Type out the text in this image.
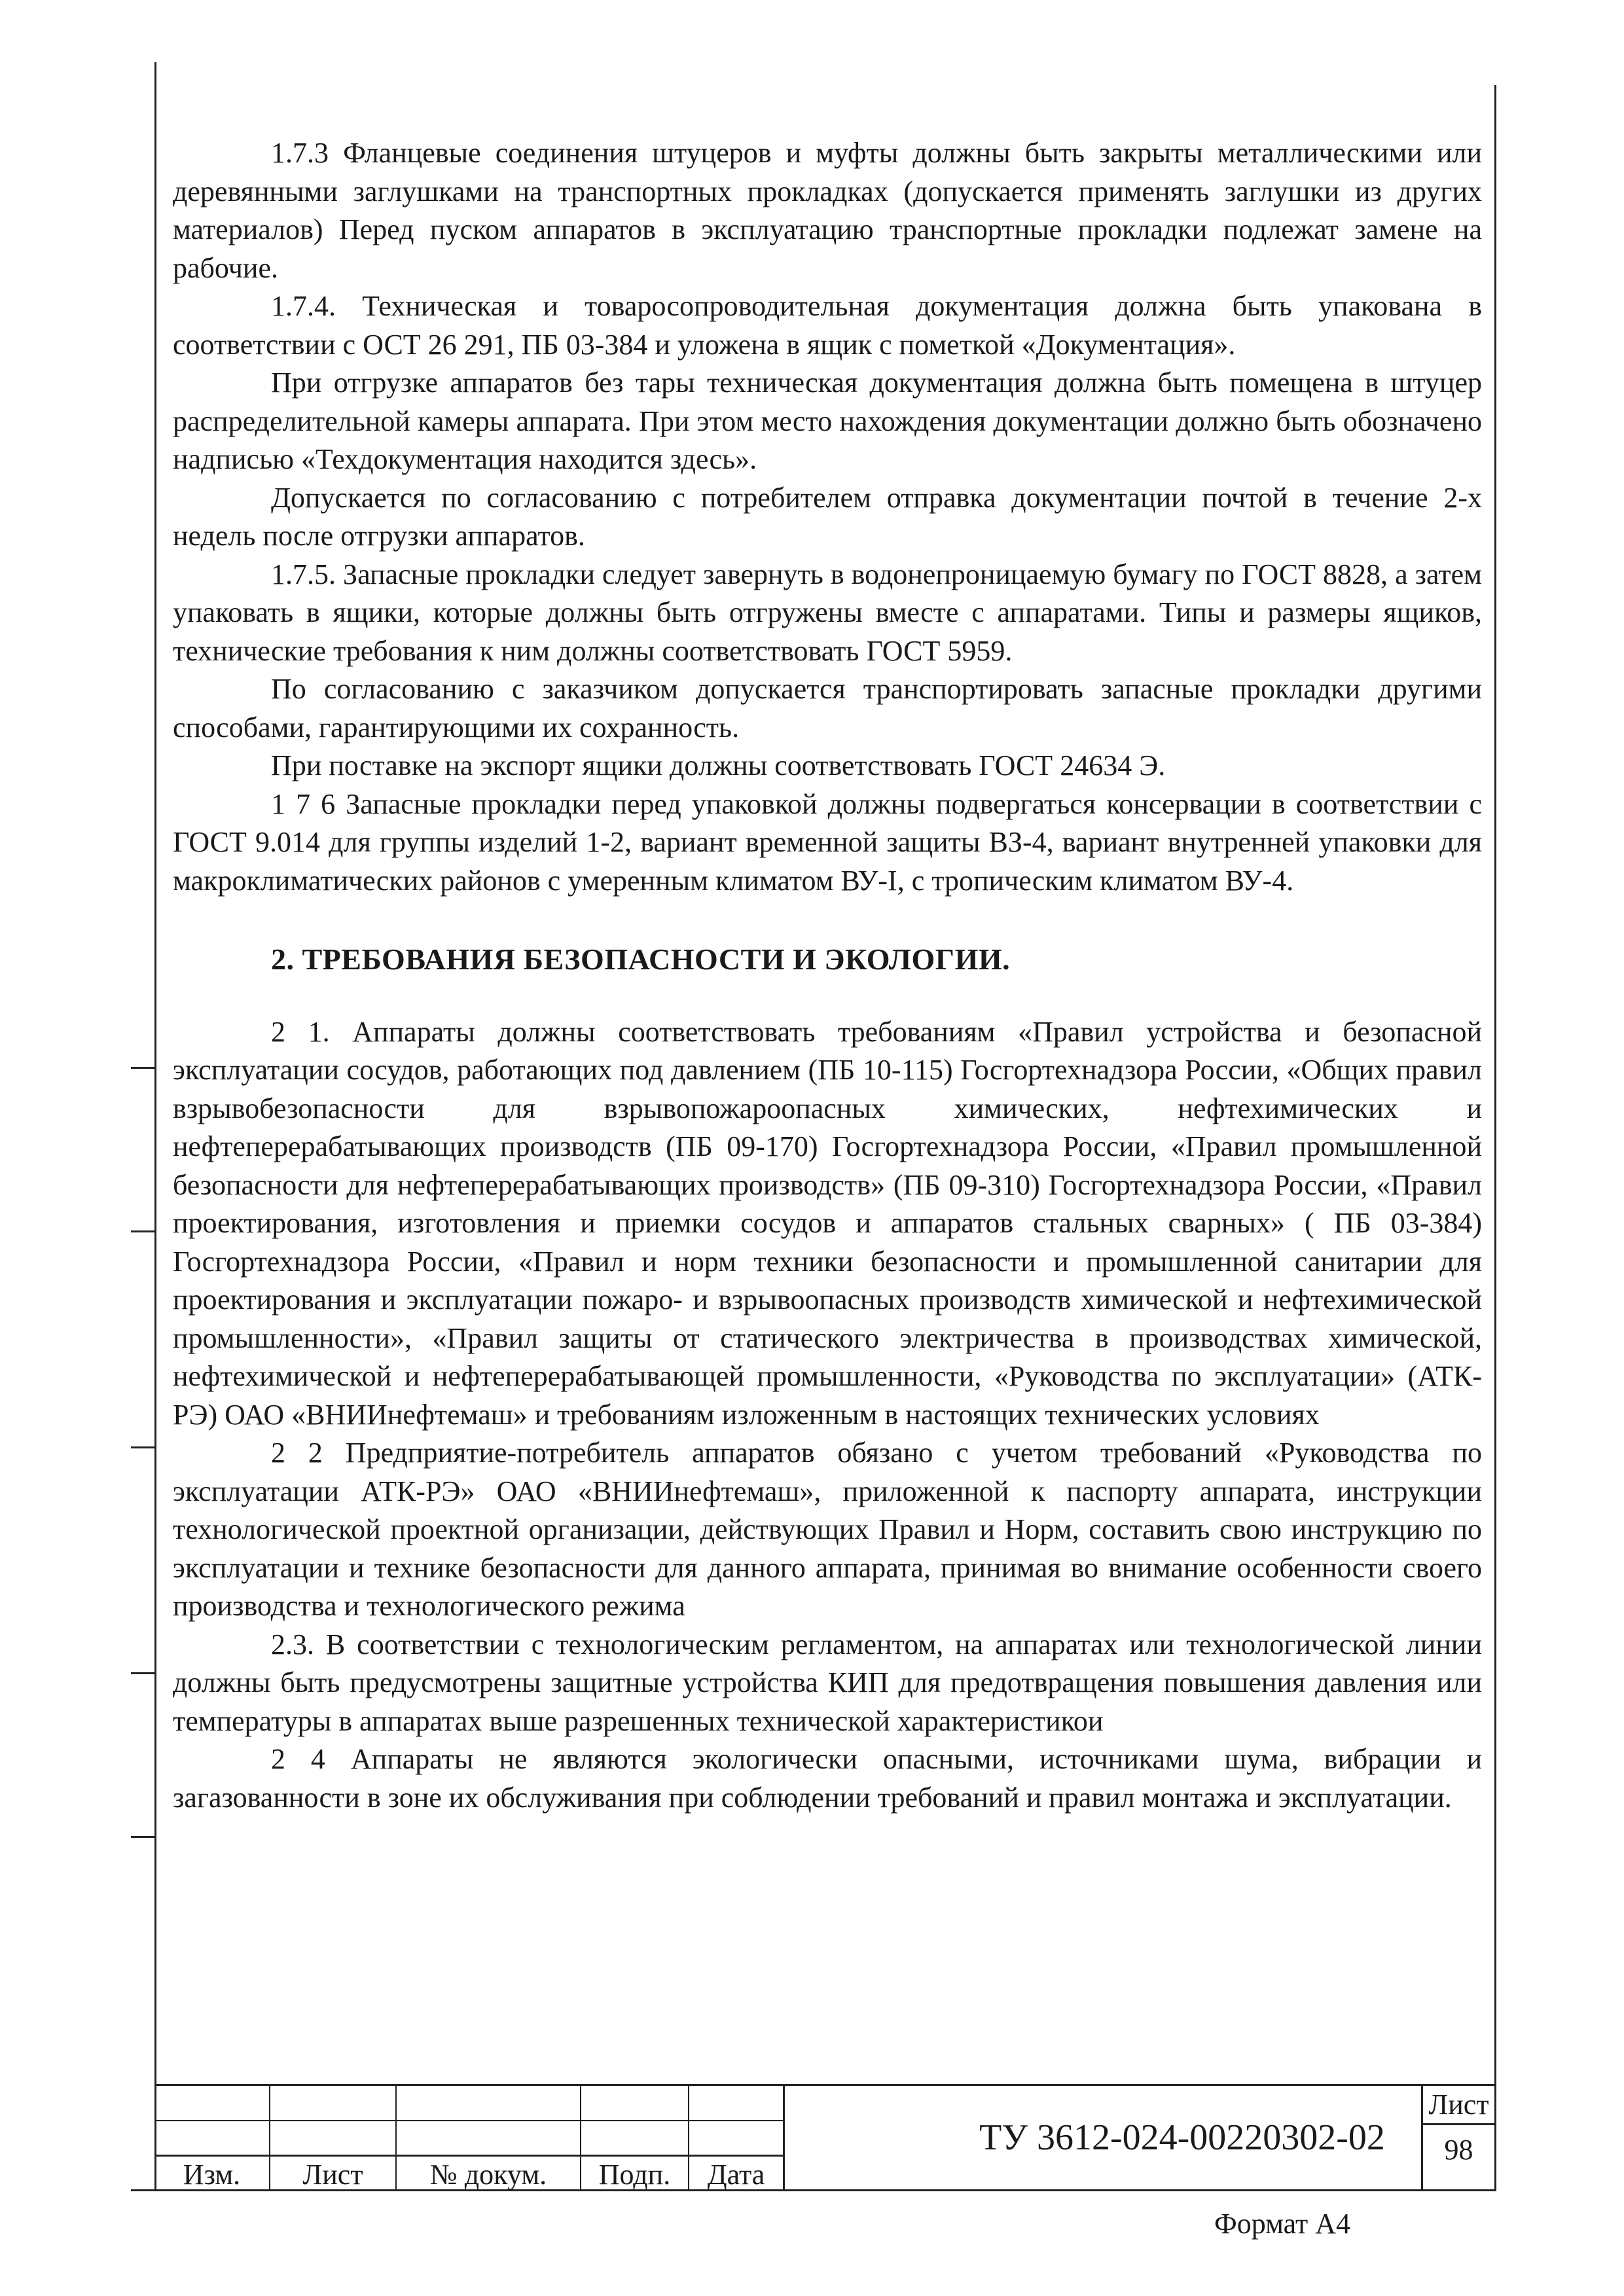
1.7.3 Фланцевые соединения штуцеров и муфты должны быть закрыты металлическими или деревянными заглушками на транспортных прокладках (допускается применять заглушки из других материалов) Перед пуском аппаратов в эксплуатацию транспортные прокладки подлежат замене на рабочие.

1.7.4. Техническая и товаросопроводительная документация должна быть упакована в соответствии с ОСТ 26 291, ПБ 03-384 и уложена в ящик с пометкой «Документация».

При отгрузке аппаратов без тары техническая документация должна быть помещена в штуцер распределительной камеры аппарата. При этом место нахождения документации должно быть обозначено надписью «Техдокументация находится здесь».

Допускается по согласованию с потребителем отправка документации почтой в течение 2-х недель после отгрузки аппаратов.

1.7.5. Запасные прокладки следует завернуть в водонепроницаемую бумагу по ГОСТ 8828, а затем упаковать в ящики, которые должны быть отгружены вместе с аппаратами. Типы и размеры ящиков, технические требования к ним должны соответствовать ГОСТ 5959.

По согласованию с заказчиком допускается транспортировать запасные прокладки другими способами, гарантирующими их сохранность.

При поставке на экспорт ящики должны соответствовать ГОСТ 24634 Э.

1 7 6 Запасные прокладки перед упаковкой должны подвергаться консервации в соответствии с ГОСТ 9.014 для группы изделий 1-2, вариант временной защиты ВЗ-4, вариант внутренней упаковки для макроклиматических районов с умеренным климатом ВУ-I, с тропическим климатом ВУ-4.

2. ТРЕБОВАНИЯ БЕЗОПАСНОСТИ И ЭКОЛОГИИ.

2 1. Аппараты должны соответствовать требованиям «Правил устройства и безопасной эксплуатации сосудов, работающих под давлением (ПБ 10-115) Госгортехнадзора России, «Общих правил взрывобезопасности для взрывопожароопасных химических, нефтехимических и нефтеперерабатывающих производств (ПБ 09-170) Госгортехнадзора России, «Правил промышленной безопасности для нефтеперерабатывающих производств» (ПБ 09-310) Госгортехнадзора России, «Правил проектирования, изготовления и приемки сосудов и аппаратов стальных сварных» ( ПБ 03-384) Госгортехнадзора России, «Правил и норм техники безопасности и промышленной санитарии для проектирования и эксплуатации пожаро- и взрывоопасных производств химической и нефтехимической промышленности», «Правил защиты от статического электричества в производствах химической, нефтехимической и нефтеперерабатывающей промышленности, «Руководства по эксплуатации» (АТК-РЭ) ОАО «ВНИИнефтемаш» и требованиям изложенным в настоящих технических условиях

2 2 Предприятие-потребитель аппаратов обязано с учетом требований «Руководства по эксплуатации АТК-РЭ» ОАО «ВНИИнефтемаш», приложенной к паспорту аппарата, инструкции технологической проектной организации, действующих Правил и Норм, составить свою инструкцию по эксплуатации и технике безопасности для данного аппарата, принимая во внимание особенности своего производства и технологического режима

2.3. В соответствии с технологическим регламентом, на аппаратах или технологической линии должны быть предусмотрены защитные устройства КИП для предотвращения повышения давления или температуры в аппаратах выше разрешенных технической характеристикои

2 4 Аппараты не являются экологически опасными, источниками шума, вибрации и загазованности в зоне их обслуживания при соблюдении требований и правил монтажа и эксплуатации.

Изм.	Лист	№ докум.	Подп.	Дата
ТУ 3612-024-00220302-02
Лист
98
Формат А4
